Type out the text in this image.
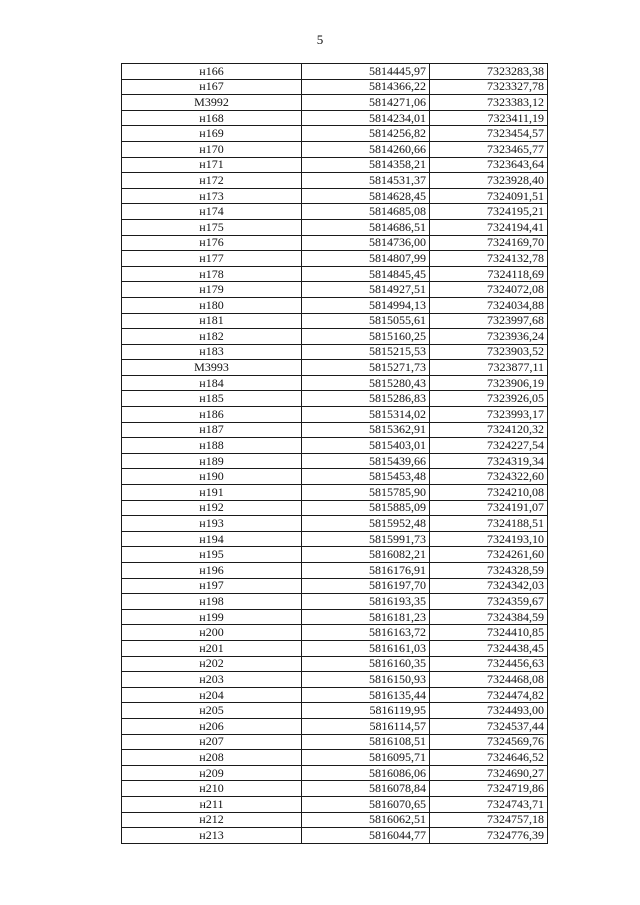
5
н166	5814445,97	7323283,38
н167	5814366,22	7323327,78
М3992	5814271,06	7323383,12
н168	5814234,01	7323411,19
н169	5814256,82	7323454,57
н170	5814260,66	7323465,77
н171	5814358,21	7323643,64
н172	5814531,37	7323928,40
н173	5814628,45	7324091,51
н174	5814685,08	7324195,21
н175	5814686,51	7324194,41
н176	5814736,00	7324169,70
н177	5814807,99	7324132,78
н178	5814845,45	7324118,69
н179	5814927,51	7324072,08
н180	5814994,13	7324034,88
н181	5815055,61	7323997,68
н182	5815160,25	7323936,24
н183	5815215,53	7323903,52
М3993	5815271,73	7323877,11
н184	5815280,43	7323906,19
н185	5815286,83	7323926,05
н186	5815314,02	7323993,17
н187	5815362,91	7324120,32
н188	5815403,01	7324227,54
н189	5815439,66	7324319,34
н190	5815453,48	7324322,60
н191	5815785,90	7324210,08
н192	5815885,09	7324191,07
н193	5815952,48	7324188,51
н194	5815991,73	7324193,10
н195	5816082,21	7324261,60
н196	5816176,91	7324328,59
н197	5816197,70	7324342,03
н198	5816193,35	7324359,67
н199	5816181,23	7324384,59
н200	5816163,72	7324410,85
н201	5816161,03	7324438,45
н202	5816160,35	7324456,63
н203	5816150,93	7324468,08
н204	5816135,44	7324474,82
н205	5816119,95	7324493,00
н206	5816114,57	7324537,44
н207	5816108,51	7324569,76
н208	5816095,71	7324646,52
н209	5816086,06	7324690,27
н210	5816078,84	7324719,86
н211	5816070,65	7324743,71
н212	5816062,51	7324757,18
н213	5816044,77	7324776,39
